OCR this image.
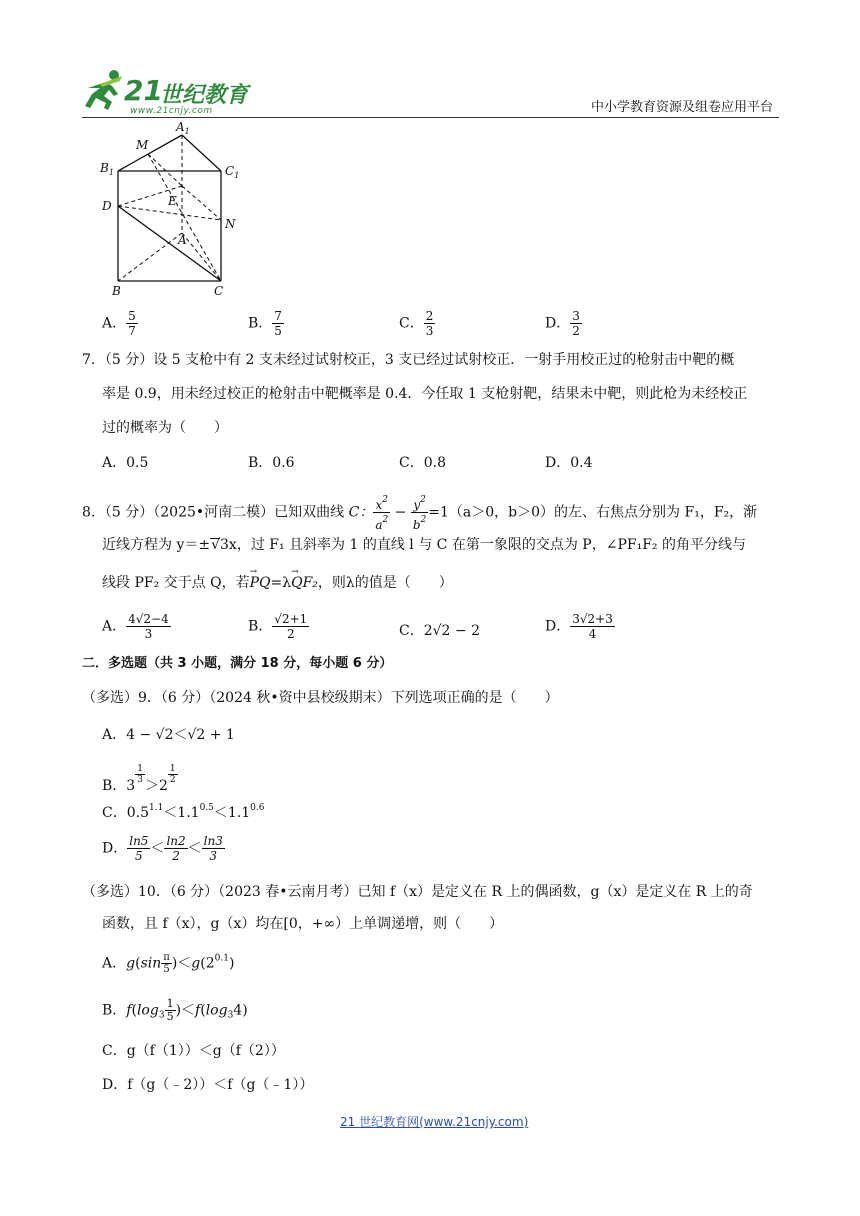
21
世纪教育
www.21cnjy.com	中小学教育资源及组卷应用平台
$A_1$
M
$B_1$	$C_1$
D	E
N
A
B	C
A． $\frac{5}{7}$	B． $\frac{7}{5}$	C． $\frac{2}{3}$	D． $\frac{3}{2}$
7．（5 分）设 5 支枪中有 2 支未经过试射校正，3 支已经过试射校正．一射手用校正过的枪射击中靶的概
率是 0.9，用未经过校正的枪射击中靶概率是 0.4．今任取 1 支枪射靶，结果未中靶，则此枪为未经校正
过的概率为（　　）
A．0.5	B．0.6	C．0.8	D．0.4
8．（5 分）（2025•河南二模）已知双曲线 C： $\frac{x^2}{a^2} - \frac{y^2}{b^2} =1(a>0$，b＞0）的左、右焦点分别为 F₁，F₂，渐
近线方程为 y＝±√3x，过 F₁ 且斜率为 1 的直线 l 与 C 在第一象限的交点为 P，∠PF₁F₂ 的角平分线与
线段 PF₂ 交于点 Q，若→ PQ=λ→ QF₂，则λ的值是（　　）
A． $\frac{4√2-4}{3}$	B． $\frac{√2+1}{2}$	C．2√2 − 2	D． $\frac{3√2+3}{4}$
二．多选题（共 3 小题，满分 18 分，每小题 6 分）
（多选）9．（6 分）（2024 秋•资中县校级期末）下列选项正确的是（　　）
A．4 − √2＜√2 + 1
B．3
$\frac{1}{3}$
＞2
$\frac{1}{2}$
C．$0.5^{1.1}<1.1^{0.5}<1.1^{0.6}$
D． $\frac{\ln 5}{5} < \frac{\ln 2}{2} < \frac{\ln 3}{3}$
（多选）10．（6 分）（2023 春•云南月考）已知 f（x）是定义在 R 上的偶函数，g（x）是定义在 R 上的奇
函数，且 f（x），g（x）均在[0，+∞）上单调递增，则（　　）
A．$g(\sin \frac{\pi}{5} )<g(2^{0.1})$
B．$f(\log_3 \frac{1}{5} )<f(\log_34)$
C．g（f（1））＜g（f（2））
D．f（g（﹣2））＜f（g（﹣1））
21 世纪教育网(www.21cnjy.com)
